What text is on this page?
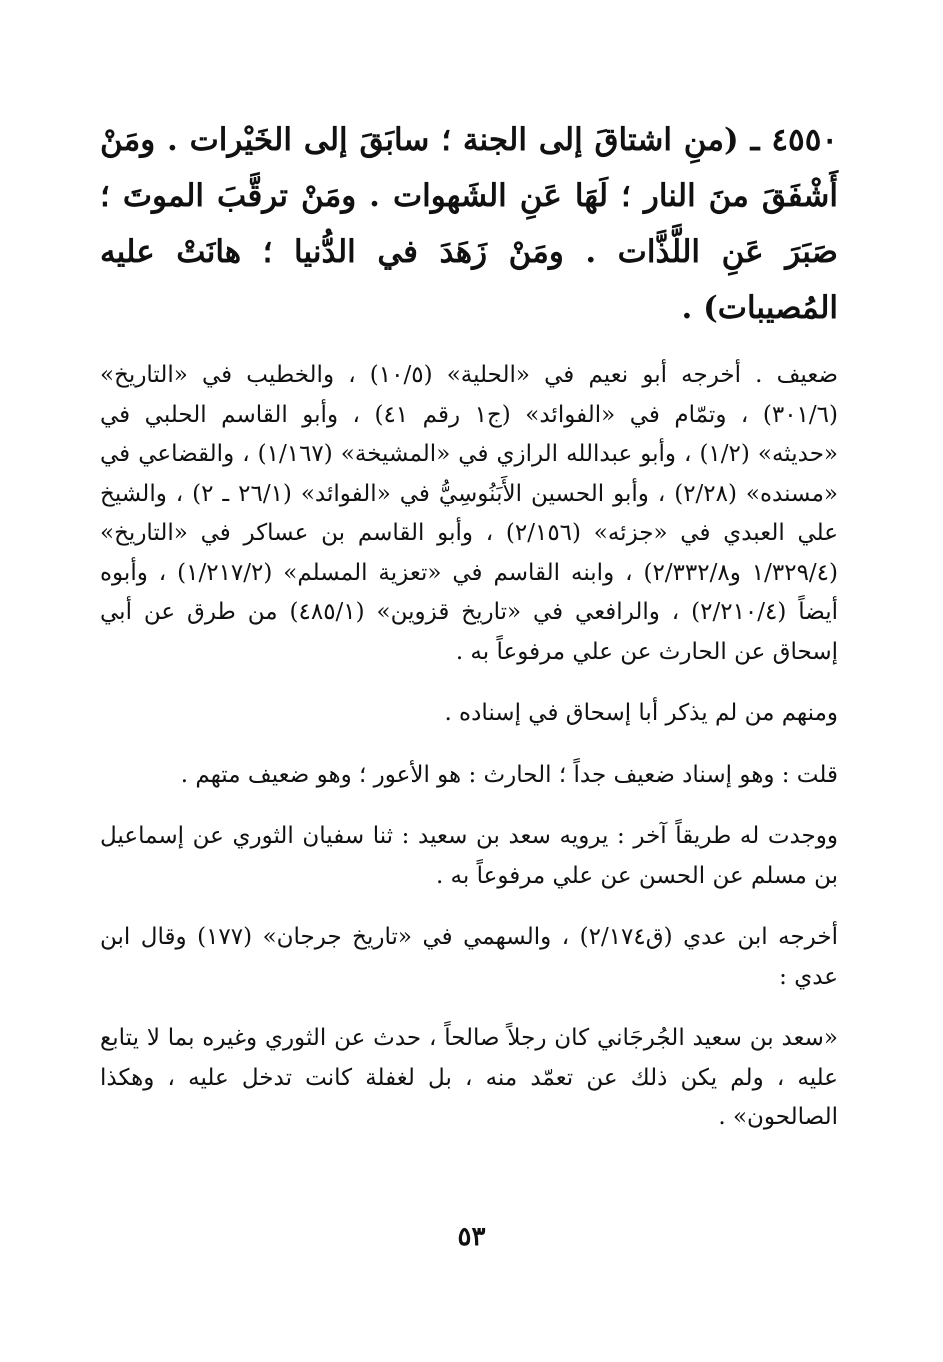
٤٥٥٠ ـ (منِ اشتاقَ إلى الجنة ؛ سابَقَ إلى الخَيْرات . ومَنْ أَشْفَقَ منَ النار ؛ لَهَا عَنِ الشَهوات . ومَنْ ترقَّبَ الموتَ ؛ صَبَرَ عَنِ اللَّذَّات . ومَنْ زَهَدَ في الدُّنيا ؛ هانَتْ عليه المُصيبات) .

ضعيف . أخرجه أبو نعيم في «الحلية» (١٠/٥) ، والخطيب في «التاريخ» (٣٠١/٦) ، وتمّام في «الفوائد» (ج١ رقم ٤١) ، وأبو القاسم الحلبي في «حديثه» (١/٢) ، وأبو عبدالله الرازي في «المشيخة» (١/١٦٧) ، والقضاعي في «مسنده» (٢/٢٨) ، وأبو الحسين الأَبَنُوسِيُّ في «الفوائد» (٢٦/١ ـ ٢) ، والشيخ علي العبدي في «جزئه» (٢/١٥٦) ، وأبو القاسم بن عساكر في «التاريخ» (١/٣٢٩/٤ و٢/٣٣٢/٨) ، وابنه القاسم في «تعزية المسلم» (١/٢١٧/٢) ، وأبوه أيضاً (٢/٢١٠/٤) ، والرافعي في «تاريخ قزوين» (٤٨٥/١) من طرق عن أبي إسحاق عن الحارث عن علي مرفوعاً به .

ومنهم من لم يذكر أبا إسحاق في إسناده .

قلت : وهو إسناد ضعيف جداً ؛ الحارث : هو الأعور ؛ وهو ضعيف متهم .

ووجدت له طريقاً آخر : يرويه سعد بن سعيد : ثنا سفيان الثوري عن إسماعيل بن مسلم عن الحسن عن علي مرفوعاً به .

أخرجه ابن عدي (ق٢/١٧٤) ، والسهمي في «تاريخ جرجان» (١٧٧) وقال ابن عدي :

«سعد بن سعيد الجُرجَاني كان رجلاً صالحاً ، حدث عن الثوري وغيره بما لا يتابع عليه ، ولم يكن ذلك عن تعمّد منه ، بل لغفلة كانت تدخل عليه ، وهكذا الصالحون» .

٥٣
